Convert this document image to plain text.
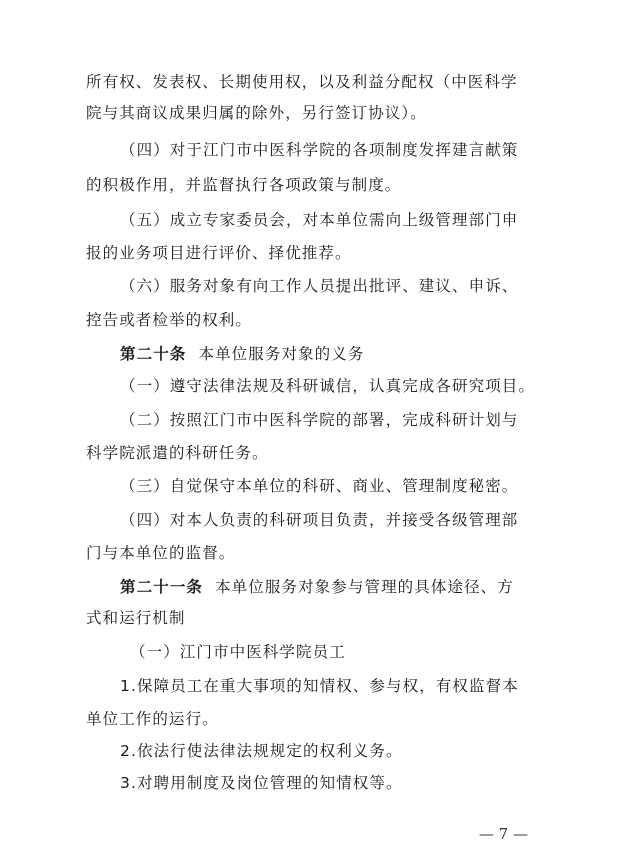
所有权、发表权、长期使用权，以及利益分配权（中医科学

院与其商议成果归属的除外，另行签订协议）。

（四）对于江门市中医科学院的各项制度发挥建言献策

的积极作用，并监督执行各项政策与制度。

（五）成立专家委员会，对本单位需向上级管理部门申

报的业务项目进行评价、择优推荐。

（六）服务对象有向工作人员提出批评、建议、申诉、

控告或者检举的权利。

第二十条 本单位服务对象的义务

（一）遵守法律法规及科研诚信，认真完成各研究项目。

（二）按照江门市中医科学院的部署，完成科研计划与

科学院派遣的科研任务。

（三）自觉保守本单位的科研、商业、管理制度秘密。

（四）对本人负责的科研项目负责，并接受各级管理部

门与本单位的监督。

第二十一条 本单位服务对象参与管理的具体途径、方

式和运行机制

（一）江门市中医科学院员工

1.保障员工在重大事项的知情权、参与权，有权监督本

单位工作的运行。

2.依法行使法律法规规定的权利义务。

3.对聘用制度及岗位管理的知情权等。

— 7 —
